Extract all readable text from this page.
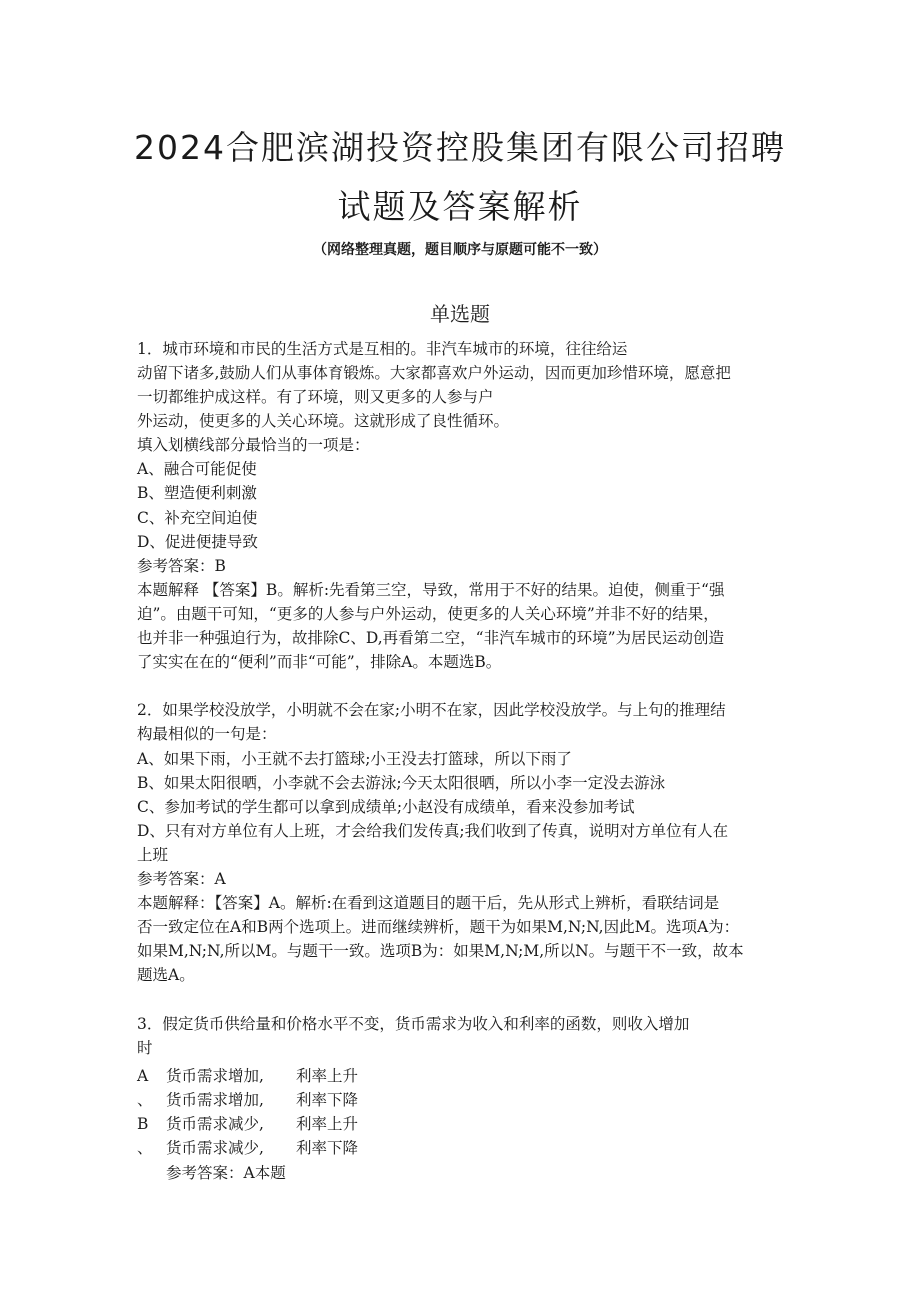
2024合肥滨湖投资控股集团有限公司招聘
试题及答案解析
（网络整理真题，题目顺序与原题可能不一致）
单选题
1．城市环境和市民的生活方式是互相的。非汽车城市的环境，往往给运
动留下诸多,鼓励人们从事体育锻炼。大家都喜欢户外运动，因而更加珍惜环境，愿意把
一切都维护成这样。有了环境，则又更多的人参与户
外运动，使更多的人关心环境。这就形成了良性循环。
填入划横线部分最恰当的一项是：
A、融合可能促使
B、塑造便利刺激
C、补充空间迫使
D、促进便捷导致
参考答案：B
本题解释 【答案】B。解析:先看第三空，导致，常用于不好的结果。迫使，侧重于“强
迫”。由题干可知，“更多的人参与户外运动，使更多的人关心环境”并非不好的结果，
也并非一种强迫行为，故排除C、D,再看第二空，“非汽车城市的环境”为居民运动创造
了实实在在的“便利”而非“可能”，排除A。本题选B。
2．如果学校没放学，小明就不会在家;小明不在家，因此学校没放学。与上句的推理结
构最相似的一句是：
A、如果下雨，小王就不去打篮球;小王没去打篮球，所以下雨了
B、如果太阳很晒，小李就不会去游泳;今天太阳很晒，所以小李一定没去游泳
C、参加考试的学生都可以拿到成绩单;小赵没有成绩单，看来没参加考试
D、只有对方单位有人上班，才会给我们发传真;我们收到了传真，说明对方单位有人在
上班
参考答案：A
本题解释：【答案】A。解析:在看到这道题目的题干后，先从形式上辨析，看联结词是
否一致定位在A和B两个选项上。进而继续辨析，题干为如果M,N;N,因此M。选项A为：
如果M,N;N,所以M。与题干一致。选项B为：如果M,N;M,所以N。与题干不一致，故本
题选A。
3．假定货币供给量和价格水平不变，货币需求为收入和利率的函数，则收入增加
时
A
、
B
、
货币需求增加,
货币需求增加,
货币需求减少,
货币需求减少,
利率上升
利率下降
利率上升
利率下降
参考答案：A本题
